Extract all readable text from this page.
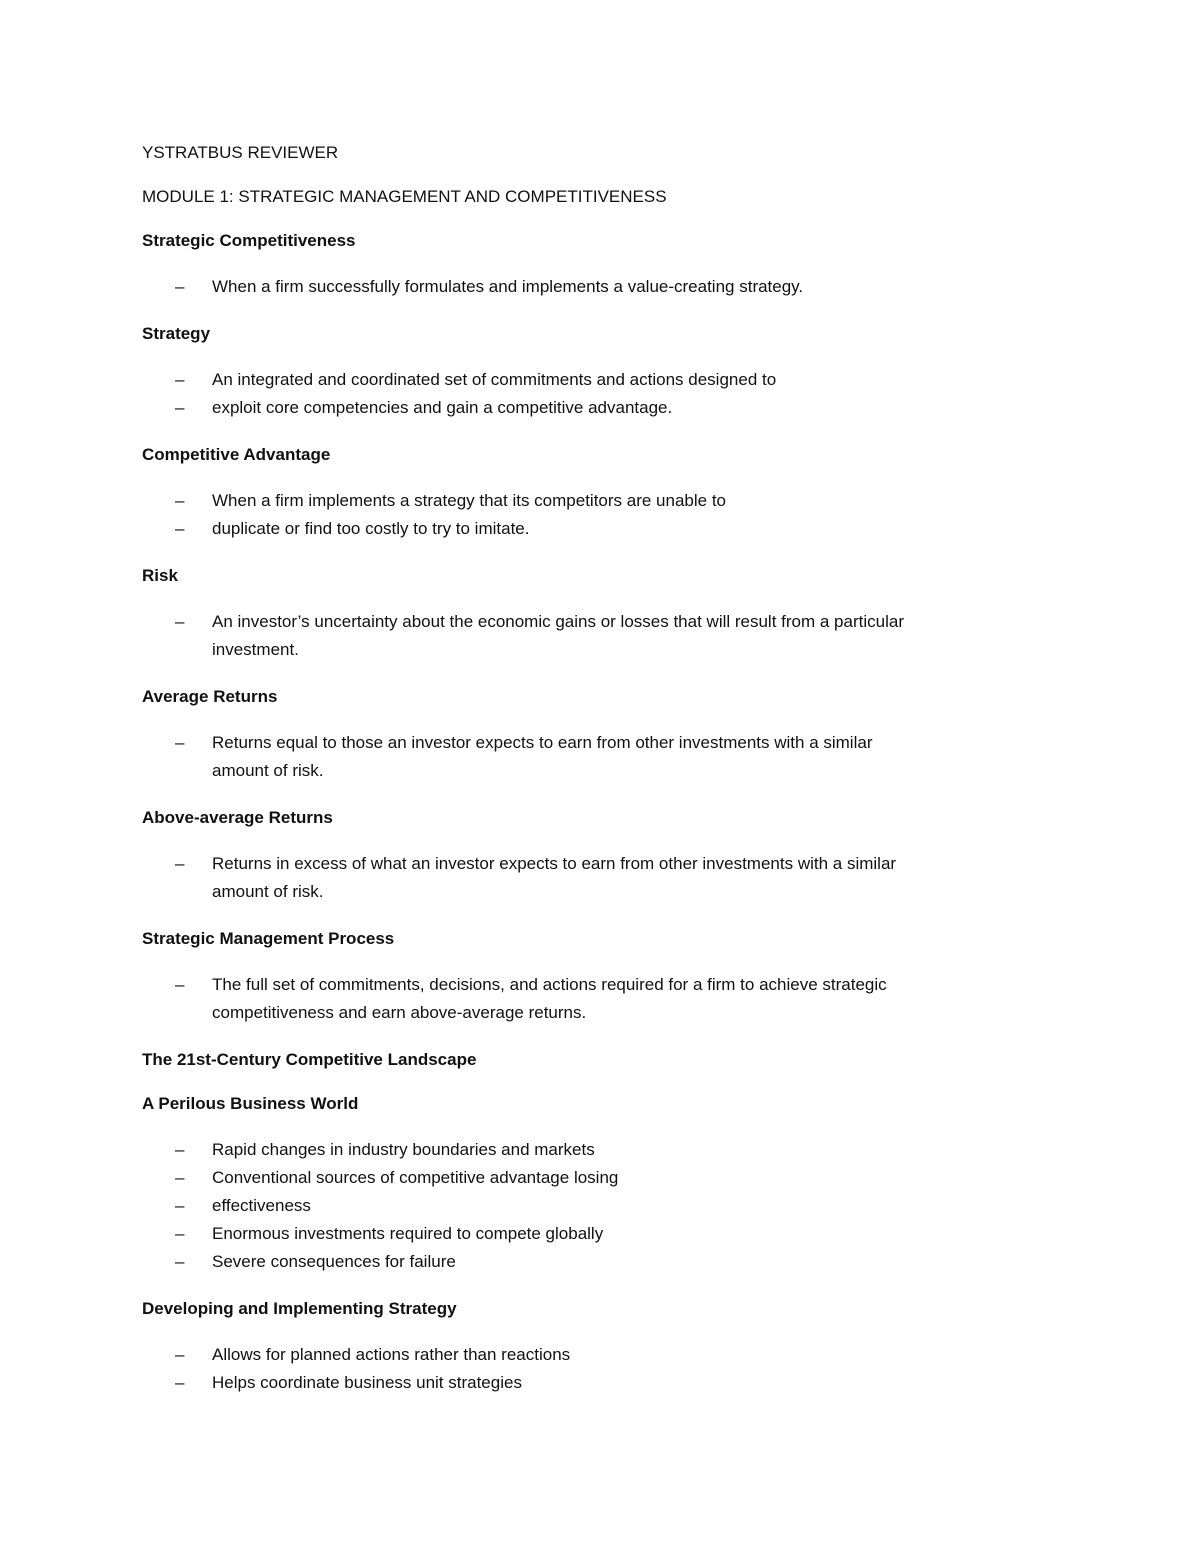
YSTRATBUS REVIEWER

MODULE 1: STRATEGIC MANAGEMENT AND COMPETITIVENESS

Strategic Competitiveness

– When a firm successfully formulates and implements a value-creating strategy.

Strategy

– An integrated and coordinated set of commitments and actions designed to
– exploit core competencies and gain a competitive advantage.

Competitive Advantage

– When a firm implements a strategy that its competitors are unable to
– duplicate or find too costly to try to imitate.

Risk

– An investor’s uncertainty about the economic gains or losses that will result from a particular investment.

Average Returns

– Returns equal to those an investor expects to earn from other investments with a similar amount of risk.

Above-average Returns

– Returns in excess of what an investor expects to earn from other investments with a similar amount of risk.

Strategic Management Process

– The full set of commitments, decisions, and actions required for a firm to achieve strategic competitiveness and earn above-average returns.

The 21st-Century Competitive Landscape

A Perilous Business World

– Rapid changes in industry boundaries and markets
– Conventional sources of competitive advantage losing
– effectiveness
– Enormous investments required to compete globally
– Severe consequences for failure

Developing and Implementing Strategy

– Allows for planned actions rather than reactions
– Helps coordinate business unit strategies
